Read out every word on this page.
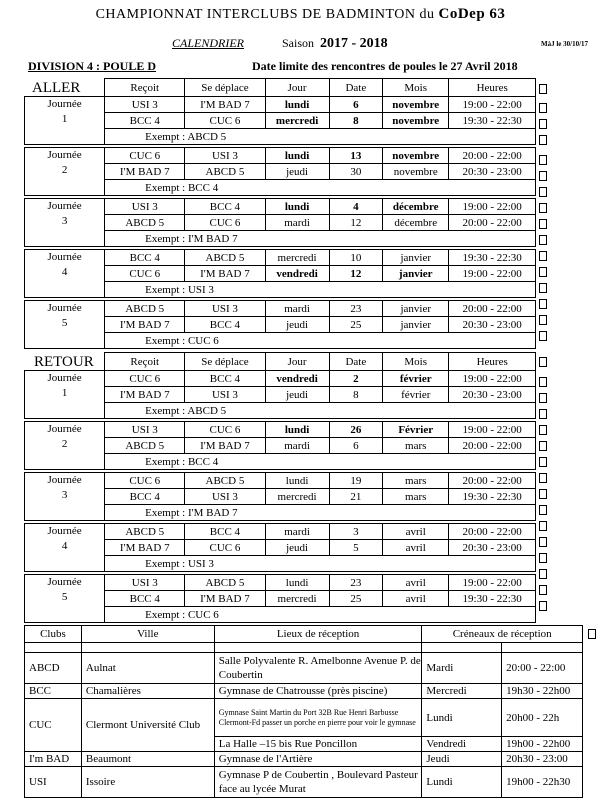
CHAMPIONNAT INTERCLUBS DE BADMINTON du CoDep 63
CALENDRIER	Saison 2017 - 2018	MàJ le 30/10/17
DIVISION 4 : POULE D	Date limite des rencontres de poules le 27 Avril 2018
ALLER
RETOUR
	Reçoit	Se déplace	Jour	Date	Mois	Heures

Journée
1	USI 3	I'M BAD 7	lundi	6	novembre	19:00 - 22:00
	BCC 4	CUC 6	mercredi	8	novembre	19:30 - 22:30
	Exempt : ABCD 5					

Journée
2	CUC 6	USI 3	lundi	13	novembre	20:00 - 22:00
	I'M BAD 7	ABCD 5	jeudi	30	novembre	20:30 - 23:00
	Exempt : BCC 4					

Journée
3	USI 3	BCC 4	lundi	4	décembre	19:00 - 22:00
	ABCD 5	CUC 6	mardi	12	décembre	20:00 - 22:00
	Exempt : I'M BAD 7					

Journée
4	BCC 4	ABCD 5	mercredi	10	janvier	19:30 - 22:30
	CUC 6	I'M BAD 7	vendredi	12	janvier	19:00 - 22:00
	Exempt : USI 3					

Journée
5	ABCD 5	USI 3	mardi	23	janvier	20:00 - 22:00
	I'M BAD 7	BCC 4	jeudi	25	janvier	20:30 - 23:00
	Exempt : CUC 6					
	Reçoit	Se déplace	Jour	Date	Mois	Heures

Journée
1	CUC 6	BCC 4	vendredi	2	février	19:00 - 22:00
	I'M BAD 7	USI 3	jeudi	8	février	20:30 - 23:00
	Exempt : ABCD 5					

Journée
2	USI 3	CUC 6	lundi	26	Février	19:00 - 22:00
	ABCD 5	I'M BAD 7	mardi	6	mars	20:00 - 22:00
	Exempt : BCC 4					

Journée
3	CUC 6	ABCD 5	lundi	19	mars	20:00 - 22:00
	BCC 4	USI 3	mercredi	21	mars	19:30 - 22:30
	Exempt : I'M BAD 7					

Journée
4	ABCD 5	BCC 4	mardi	3	avril	20:00 - 22:00
	I'M BAD 7	CUC 6	jeudi	5	avril	20:30 - 23:00
	Exempt : USI 3					

Journée
5	USI 3	ABCD 5	lundi	23	avril	19:00 - 22:00
	BCC 4	I'M BAD 7	mercredi	25	avril	19:30 - 22:30
	Exempt : CUC 6					
Clubs	Ville	Lieux de réception	Créneaux de réception	

ABCD	Aulnat	Salle Polyvalente R. Amelbonne Avenue P. de Coubertin	Mardi	20:00 - 22:00
BCC	Chamalières	Gymnase de Chatrousse (près piscine)	Mercredi	19h30 - 22h00
CUC	Clermont Université Club	Gymnase Saint Martin du Port 32B Rue Henri Barbusse Clermont-Fd passer un porche en pierre pour voir le gymnase	Lundi	20h00 - 22h
		La Halle –15 bis Rue Poncillon	Vendredi	19h00 - 22h00
I'm BAD	Beaumont	Gymnase de l'Artière	Jeudi	20h30 - 23:00
USI	Issoire	Gymnase P de Coubertin , Boulevard Pasteur face au lycée Murat	Lundi	19h00 - 22h30
